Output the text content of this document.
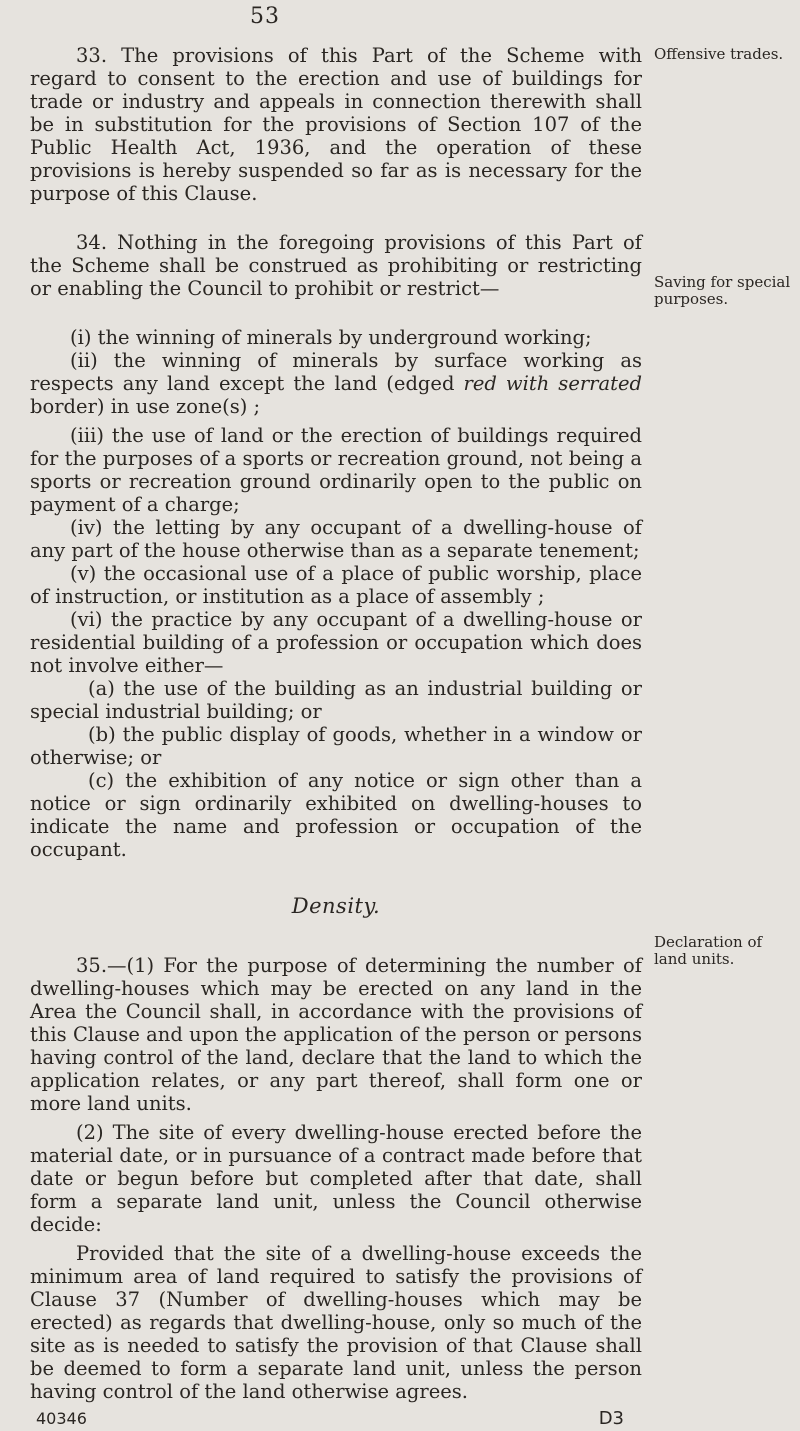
53

33. The provisions of this Part of the Scheme with regard to consent to the erection and use of buildings for trade or industry and appeals in connection therewith shall be in substitution for the provisions of Section 107 of the Public Health Act, 1936, and the operation of these provisions is hereby suspended so far as is necessary for the purpose of this Clause.

34. Nothing in the foregoing provisions of this Part of the Scheme shall be construed as prohibiting or restricting or enabling the Council to prohibit or restrict—

(i) the winning of minerals by underground working;

(ii) the winning of minerals by surface working as respects any land except the land (edged red with serrated border) in use zone(s) ;

(iii) the use of land or the erection of buildings required for the purposes of a sports or recreation ground, not being a sports or recreation ground ordinarily open to the public on payment of a charge;

(iv) the letting by any occupant of a dwelling-house of any part of the house otherwise than as a separate tenement;

(v) the occasional use of a place of public worship, place of instruction, or institution as a place of assembly ;

(vi) the practice by any occupant of a dwelling-house or residential building of a profession or occupation which does not involve either—

(a) the use of the building as an industrial building or special industrial building; or

(b) the public display of goods, whether in a window or otherwise; or

(c) the exhibition of any notice or sign other than a notice or sign ordinarily exhibited on dwelling-houses to indicate the name and profession or occupation of the occupant.

Density.

35.—(1) For the purpose of determining the number of dwelling-houses which may be erected on any land in the Area the Council shall, in accordance with the provisions of this Clause and upon the application of the person or persons having control of the land, declare that the land to which the application relates, or any part thereof, shall form one or more land units.

(2) The site of every dwelling-house erected before the material date, or in pursuance of a contract made before that date or begun before but completed after that date, shall form a separate land unit, unless the Council otherwise decide:

Provided that the site of a dwelling-house exceeds the minimum area of land required to satisfy the provisions of Clause 37 (Number of dwelling-houses which may be erected) as regards that dwelling-house, only so much of the site as is needed to satisfy the provision of that Clause shall be deemed to form a separate land unit, unless the person having control of the land otherwise agrees.

40346	D3
Offensive trades.
Saving for special purposes.
Declaration of land units.
